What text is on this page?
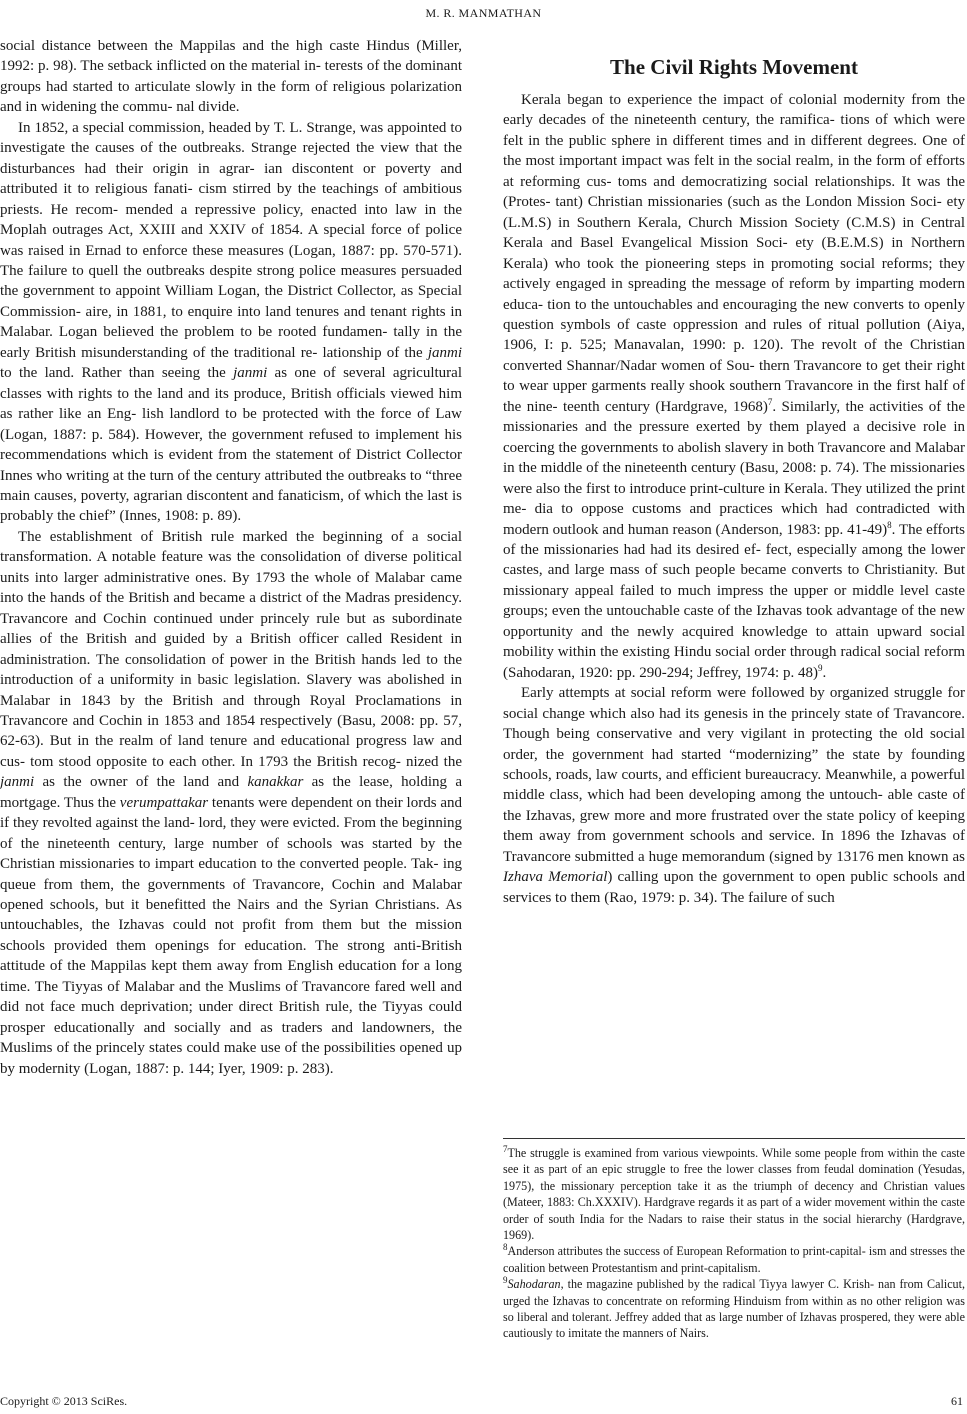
M. R. MANMATHAN

social distance between the Mappilas and the high caste Hindus (Miller, 1992: p. 98). The setback inflicted on the material in- terests of the dominant groups had started to articulate slowly in the form of religious polarization and in widening the commu- nal divide.

In 1852, a special commission, headed by T. L. Strange, was appointed to investigate the causes of the outbreaks. Strange rejected the view that the disturbances had their origin in agrar- ian discontent or poverty and attributed it to religious fanati- cism stirred by the teachings of ambitious priests. He recom- mended a repressive policy, enacted into law in the Moplah outrages Act, XXIII and XXIV of 1854. A special force of police was raised in Ernad to enforce these measures (Logan, 1887: pp. 570-571). The failure to quell the outbreaks despite strong police measures persuaded the government to appoint William Logan, the District Collector, as Special Commission- aire, in 1881, to enquire into land tenures and tenant rights in Malabar. Logan believed the problem to be rooted fundamen- tally in the early British misunderstanding of the traditional re- lationship of the janmi to the land. Rather than seeing the janmi as one of several agricultural classes with rights to the land and its produce, British officials viewed him as rather like an Eng- lish landlord to be protected with the force of Law (Logan, 1887: p. 584). However, the government refused to implement his recommendations which is evident from the statement of District Collector Innes who writing at the turn of the century attributed the outbreaks to “three main causes, poverty, agrarian discontent and fanaticism, of which the last is probably the chief” (Innes, 1908: p. 89).

The establishment of British rule marked the beginning of a social transformation. A notable feature was the consolidation of diverse political units into larger administrative ones. By 1793 the whole of Malabar came into the hands of the British and became a district of the Madras presidency. Travancore and Cochin continued under princely rule but as subordinate allies of the British and guided by a British officer called Resident in administration. The consolidation of power in the British hands led to the introduction of a uniformity in basic legislation. Slavery was abolished in Malabar in 1843 by the British and through Royal Proclamations in Travancore and Cochin in 1853 and 1854 respectively (Basu, 2008: pp. 57, 62-63). But in the realm of land tenure and educational progress law and cus- tom stood opposite to each other. In 1793 the British recog- nized the janmi as the owner of the land and kanakkar as the lease, holding a mortgage. Thus the verumpattakar tenants were dependent on their lords and if they revolted against the land- lord, they were evicted. From the beginning of the nineteenth century, large number of schools was started by the Christian missionaries to impart education to the converted people. Tak- ing queue from them, the governments of Travancore, Cochin and Malabar opened schools, but it benefitted the Nairs and the Syrian Christians. As untouchables, the Izhavas could not profit from them but the mission schools provided them openings for education. The strong anti-British attitude of the Mappilas kept them away from English education for a long time. The Tiyyas of Malabar and the Muslims of Travancore fared well and did not face much deprivation; under direct British rule, the Tiyyas could prosper educationally and socially and as traders and landowners, the Muslims of the princely states could make use of the possibilities opened up by modernity (Logan, 1887: p. 144; Iyer, 1909: p. 283).

The Civil Rights Movement

Kerala began to experience the impact of colonial modernity from the early decades of the nineteenth century, the ramifica- tions of which were felt in the public sphere in different times and in different degrees. One of the most important impact was felt in the social realm, in the form of efforts at reforming cus- toms and democratizing social relationships. It was the (Protes- tant) Christian missionaries (such as the London Mission Soci- ety (L.M.S) in Southern Kerala, Church Mission Society (C.M.S) in Central Kerala and Basel Evangelical Mission Soci- ety (B.E.M.S) in Northern Kerala) who took the pioneering steps in promoting social reforms; they actively engaged in spreading the message of reform by imparting modern educa- tion to the untouchables and encouraging the new converts to openly question symbols of caste oppression and rules of ritual pollution (Aiya, 1906, I: p. 525; Manavalan, 1990: p. 120). The revolt of the Christian converted Shannar/Nadar women of Sou- thern Travancore to get their right to wear upper garments really shook southern Travancore in the first half of the nine- teenth century (Hardgrave, 1968)$^7$. Similarly, the activities of the missionaries and the pressure exerted by them played a decisive role in coercing the governments to abolish slavery in both Travancore and Malabar in the middle of the nineteenth century (Basu, 2008: p. 74). The missionaries were also the first to introduce print-culture in Kerala. They utilized the print me- dia to oppose customs and practices which had contradicted with modern outlook and human reason (Anderson, 1983: pp. 41-49)$^8$. The efforts of the missionaries had had its desired ef- fect, especially among the lower castes, and large mass of such people became converts to Christianity. But missionary appeal failed to much impress the upper or middle level caste groups; even the untouchable caste of the Izhavas took advantage of the new opportunity and the newly acquired knowledge to attain upward social mobility within the existing Hindu social order through radical social reform (Sahodaran, 1920: pp. 290-294; Jeffrey, 1974: p. 48)$^9$.

Early attempts at social reform were followed by organized struggle for social change which also had its genesis in the princely state of Travancore. Though being conservative and very vigilant in protecting the old social order, the government had started “modernizing” the state by founding schools, roads, law courts, and efficient bureaucracy. Meanwhile, a powerful middle class, which had been developing among the untouch- able caste of the Izhavas, grew more and more frustrated over the state policy of keeping them away from government schools and service. In 1896 the Izhavas of Travancore submitted a huge memorandum (signed by 13176 men known as Izhava Memorial) calling upon the government to open public schools and services to them (Rao, 1979: p. 34). The failure of such

$^7$The struggle is examined from various viewpoints. While some people from within the caste see it as part of an epic struggle to free the lower classes from feudal domination (Yesudas, 1975), the missionary perception take it as the triumph of decency and Christian values (Mateer, 1883: Ch.XXXIV). Hardgrave regards it as part of a wider movement within the caste order of south India for the Nadars to raise their status in the social hierarchy (Hardgrave, 1969).

$^8$Anderson attributes the success of European Reformation to print-capital- ism and stresses the coalition between Protestantism and print-capitalism.

$^9$Sahodaran, the magazine published by the radical Tiyya lawyer C. Krish- nan from Calicut, urged the Izhavas to concentrate on reforming Hinduism from within as no other religion was so liberal and tolerant. Jeffrey added that as large number of Izhavas prospered, they were able cautiously to imitate the manners of Nairs.

Copyright © 2013 SciRes.	61
